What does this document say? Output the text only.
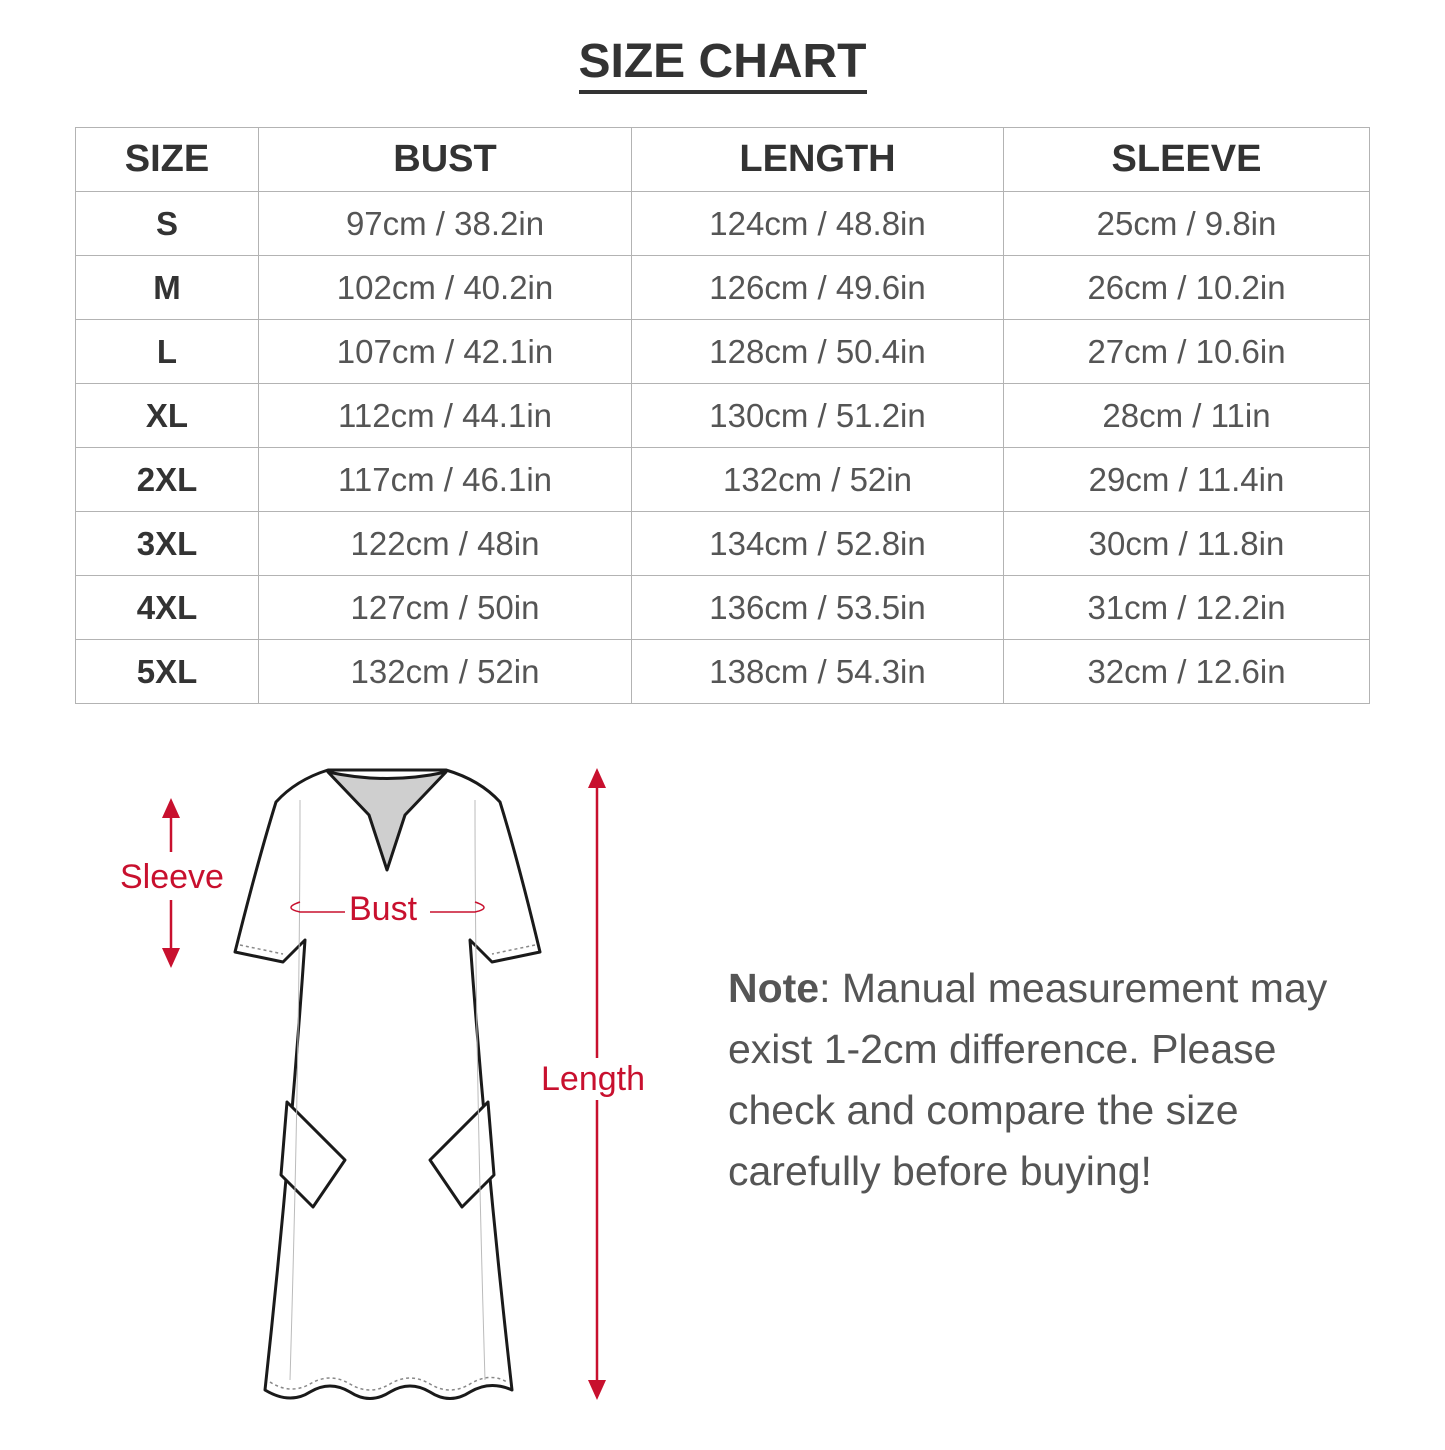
SIZE CHART
SIZE	BUST	LENGTH	SLEEVE
S	97cm / 38.2in	124cm / 48.8in	25cm / 9.8in
M	102cm / 40.2in	126cm / 49.6in	26cm / 10.2in
L	107cm / 42.1in	128cm / 50.4in	27cm / 10.6in
XL	112cm / 44.1in	130cm / 51.2in	28cm / 11in
2XL	117cm / 46.1in	132cm / 52in	29cm / 11.4in
3XL	122cm / 48in	134cm / 52.8in	30cm / 11.8in
4XL	127cm / 50in	136cm / 53.5in	31cm / 12.2in
5XL	132cm / 52in	138cm / 54.3in	32cm / 12.6in
Sleeve
Bust
Length
Note: Manual measurement may exist 1-2cm difference. Please check and compare the size carefully before buying!
